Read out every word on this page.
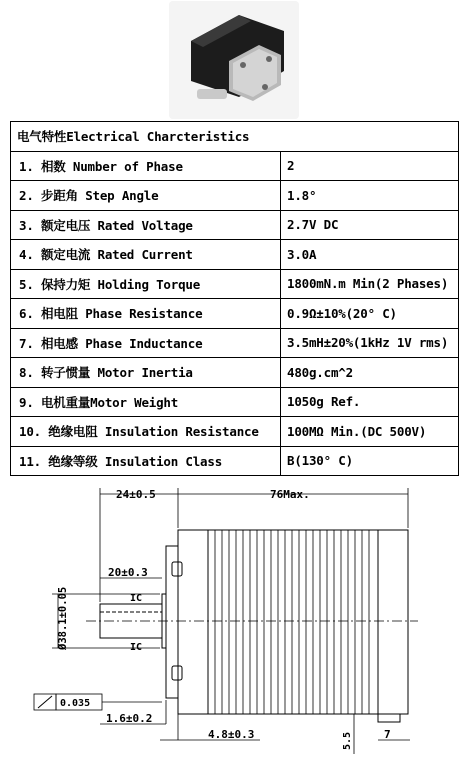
电气特性Electrical Charcteristics	
1. 相数 Number of Phase	2
2. 步距角 Step Angle	1.8°
3. 额定电压 Rated Voltage	2.7V DC
4. 额定电流 Rated Current	3.0A
5. 保持力矩 Holding Torque	1800mN.m Min(2 Phases)
6. 相电阻 Phase Resistance	0.9Ω±10%(20° C)
7. 相电感 Phase Inductance	3.5mH±20%(1kHz 1V rms)
8. 转子惯量 Motor Inertia	480g.cm^2
9. 电机重量Motor Weight	1050g Ref.
10. 绝缘电阻 Insulation Resistance	100MΩ Min.(DC 500V)
11. 绝缘等级 Insulation Class	B(130° C)
24±0.5	76Max.
20±0.3
IC
IC
Ø38.1±0.05
0.035
1.6±0.2
4.8±0.3	5.5	7
